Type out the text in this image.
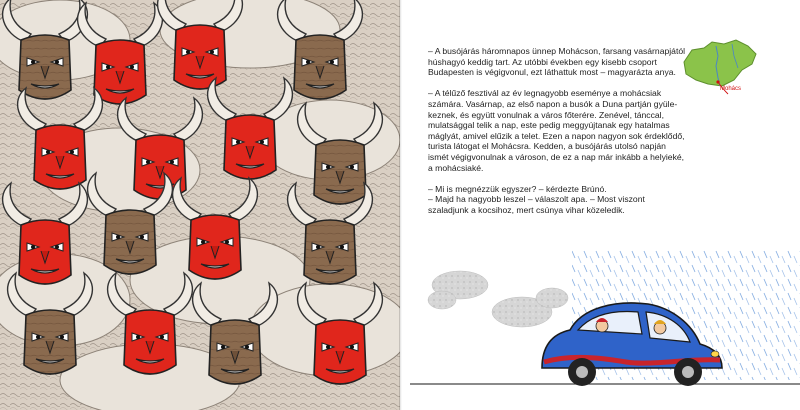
Mohács

– A busójárás háromnapos ünnep Mohácson, farsang vasárnapjától húshagyó keddig tart. Az utóbbi években egy kisebb csoport Budapesten is végigvonul, ezt láthattuk most – magyarázta anya.

– A télűző fesztivál az év legnagyobb eseménye a mohácsiak számára. Vasárnap, az első napon a busók a Duna partján gyüle-keznek, és együtt vonulnak a város főterére. Zenével, tánccal, mulatsággal telik a nap, este pedig meggyújtanak egy hatalmas máglyát, amivel elűzik a telet. Ezen a napon nagyon sok érdeklődő, turista látogat el Mohácsra. Kedden, a busójárás utolsó napján ismét végigvonulnak a városon, de ez a nap már inkább a helyieké, a mohácsiaké.

– Mi is megnézzük egyszer? – kérdezte Brúnó.
– Majd ha nagyobb leszel – válaszolt apa. – Most viszont szaladjunk a kocsihoz, mert csúnya vihar közeledik.
